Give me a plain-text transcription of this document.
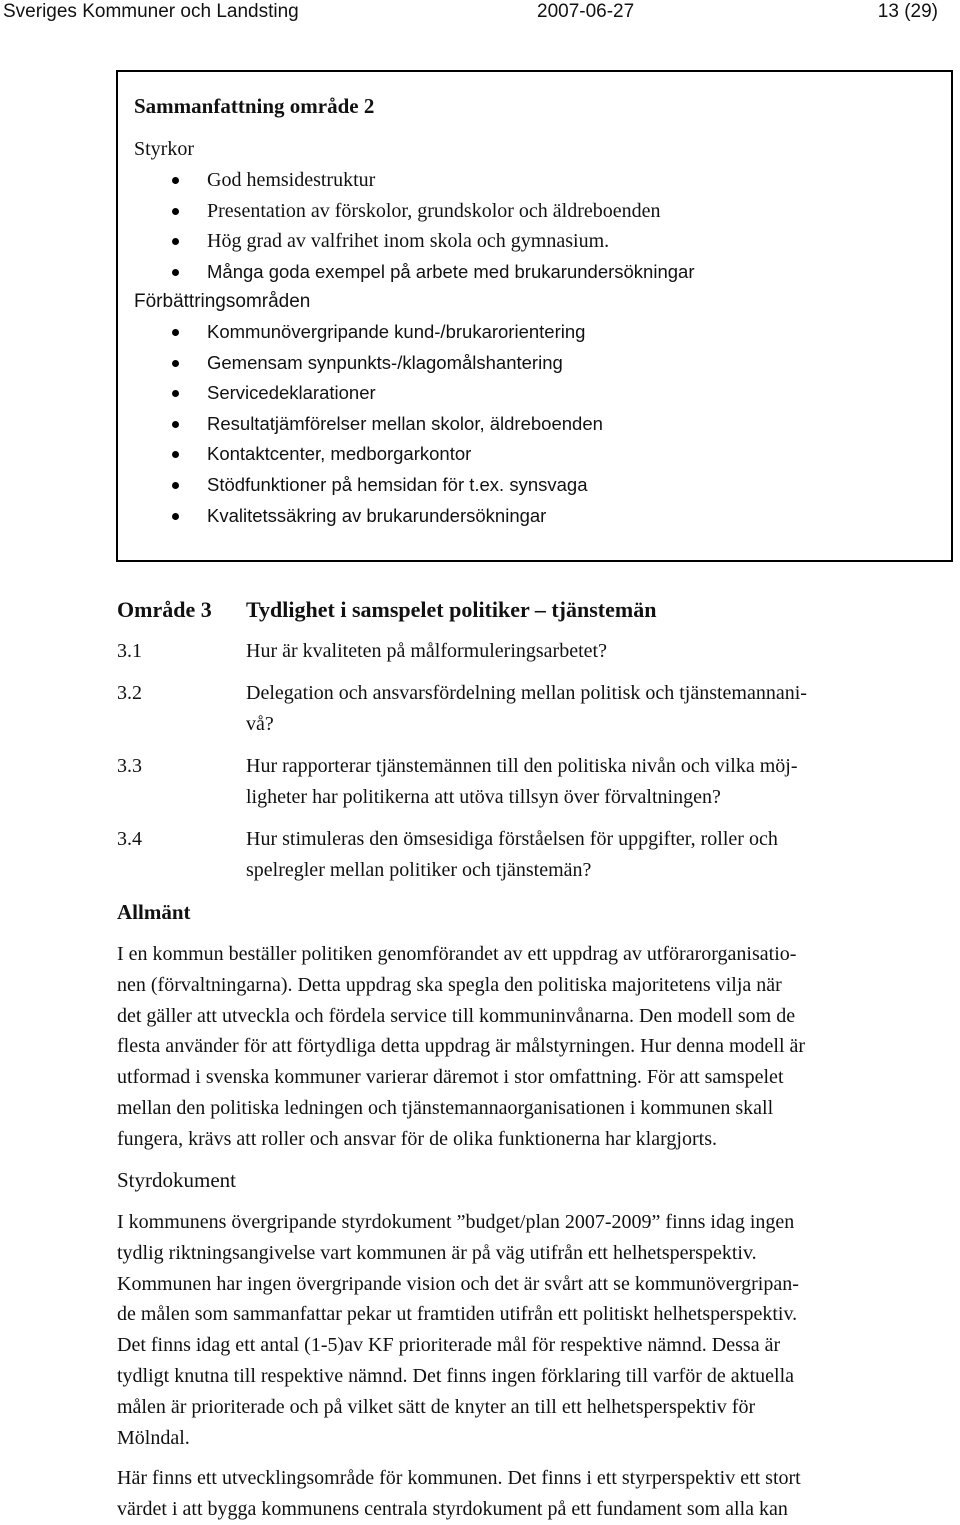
Sveriges Kommuner och Landsting	2007-06-27	13 (29)
Sammanfattning område 2
Styrkor
God hemsidestruktur
Presentation av förskolor, grundskolor och äldreboenden
Hög grad av valfrihet inom skola och gymnasium.
Många goda exempel på arbete med brukarundersökningar
Förbättringsområden
Kommunövergripande kund-/brukarorientering
Gemensam synpunkts-/klagomålshantering
Servicedeklarationer
Resultatjämförelser mellan skolor, äldreboenden
Kontaktcenter, medborgarkontor
Stödfunktioner på hemsidan för t.ex. synsvaga
Kvalitetssäkring av brukarundersökningar
Område 3 Tydlighet i samspelet politiker – tjänstemän
3.1	Hur är kvaliteten på målformuleringsarbetet?
3.2	Delegation och ansvarsfördelning mellan politisk och tjänstemannani-
vå?
3.3	Hur rapporterar tjänstemännen till den politiska nivån och vilka möj-
ligheter har politikerna att utöva tillsyn över förvaltningen?
3.4	Hur stimuleras den ömsesidiga förståelsen för uppgifter, roller och
spelregler mellan politiker och tjänstemän?
Allmänt
I en kommun beställer politiken genomförandet av ett uppdrag av utförarorganisatio-
nen (förvaltningarna). Detta uppdrag ska spegla den politiska majoritetens vilja när
det gäller att utveckla och fördela service till kommuninvånarna. Den modell som de
flesta använder för att förtydliga detta uppdrag är målstyrningen. Hur denna modell är
utformad i svenska kommuner varierar däremot i stor omfattning. För att samspelet
mellan den politiska ledningen och tjänstemannaorganisationen i kommunen skall
fungera, krävs att roller och ansvar för de olika funktionerna har klargjorts.
Styrdokument
I kommunens övergripande styrdokument ”budget/plan 2007-2009” finns idag ingen
tydlig riktningsangivelse vart kommunen är på väg utifrån ett helhetsperspektiv.
Kommunen har ingen övergripande vision och det är svårt att se kommunövergripan-
de målen som sammanfattar pekar ut framtiden utifrån ett politiskt helhetsperspektiv.
Det finns idag ett antal (1-5)av KF prioriterade mål för respektive nämnd. Dessa är
tydligt knutna till respektive nämnd. Det finns ingen förklaring till varför de aktuella
målen är prioriterade och på vilket sätt de knyter an till ett helhetsperspektiv för
Mölndal.
Här finns ett utvecklingsområde för kommunen. Det finns i ett styrperspektiv ett stort
värdet i att bygga kommunens centrala styrdokument på ett fundament som alla kan
